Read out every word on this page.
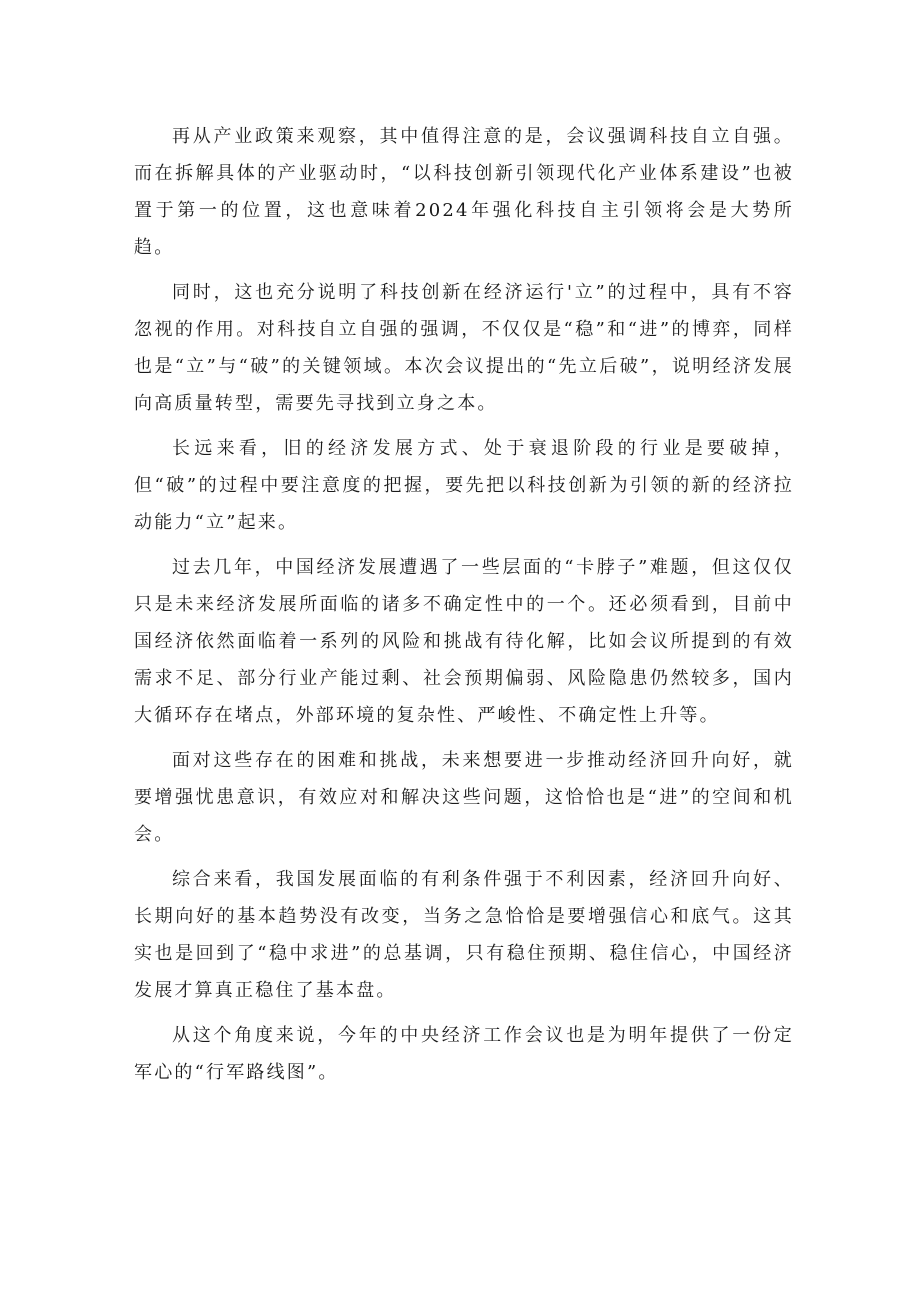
再从产业政策来观察，其中值得注意的是，会议强调科技自立自强。而在拆解具体的产业驱动时，“以科技创新引领现代化产业体系建设”也被置于第一的位置，这也意味着2024年强化科技自主引领将会是大势所趋。

同时，这也充分说明了科技创新在经济运行'立”的过程中，具有不容忽视的作用。对科技自立自强的强调，不仅仅是“稳”和“进”的博弈，同样也是“立”与“破”的关键领域。本次会议提出的“先立后破”，说明经济发展向高质量转型，需要先寻找到立身之本。

长远来看，旧的经济发展方式、处于衰退阶段的行业是要破掉，但“破”的过程中要注意度的把握，要先把以科技创新为引领的新的经济拉动能力“立”起来。

过去几年，中国经济发展遭遇了一些层面的“卡脖子”难题，但这仅仅只是未来经济发展所面临的诸多不确定性中的一个。还必须看到，目前中国经济依然面临着一系列的风险和挑战有待化解，比如会议所提到的有效需求不足、部分行业产能过剩、社会预期偏弱、风险隐患仍然较多，国内大循环存在堵点，外部环境的复杂性、严峻性、不确定性上升等。

面对这些存在的困难和挑战，未来想要进一步推动经济回升向好，就要增强忧患意识，有效应对和解决这些问题，这恰恰也是“进”的空间和机会。

综合来看，我国发展面临的有利条件强于不利因素，经济回升向好、长期向好的基本趋势没有改变，当务之急恰恰是要增强信心和底气。这其实也是回到了“稳中求进”的总基调，只有稳住预期、稳住信心，中国经济发展才算真正稳住了基本盘。

从这个角度来说，今年的中央经济工作会议也是为明年提供了一份定军心的“行军路线图”。
